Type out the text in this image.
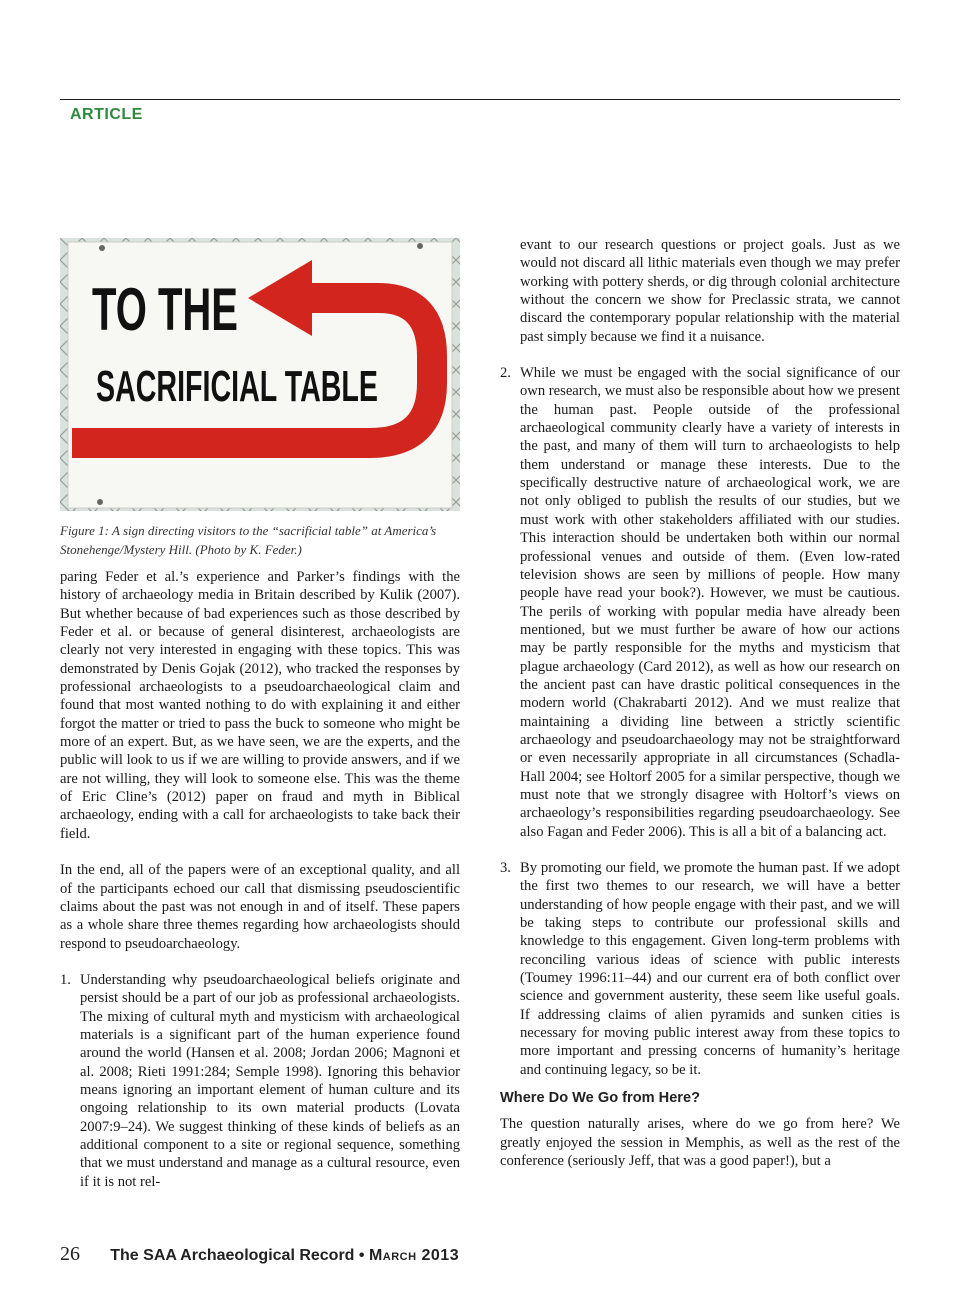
ARTICLE
TO THE
SACRIFICIAL TABLE
Figure 1: A sign directing visitors to the “sacrificial table” at America’s Stonehenge/Mystery Hill. (Photo by K. Feder.)

paring Feder et al.’s experience and Parker’s findings with the history of archaeology media in Britain described by Kulik (2007). But whether because of bad experiences such as those described by Feder et al. or because of general disinterest, archaeologists are clearly not very interested in engaging with these topics. This was demonstrated by Denis Gojak (2012), who tracked the responses by professional archaeologists to a pseudoarchaeological claim and found that most wanted nothing to do with explaining it and either forgot the matter or tried to pass the buck to someone who might be more of an expert. But, as we have seen, we are the experts, and the public will look to us if we are willing to provide answers, and if we are not willing, they will look to someone else. This was the theme of Eric Cline’s (2012) paper on fraud and myth in Biblical archaeology, ending with a call for archaeologists to take back their field.

In the end, all of the papers were of an exceptional quality, and all of the participants echoed our call that dismissing pseudoscientific claims about the past was not enough in and of itself. These papers as a whole share three themes regarding how archaeologists should respond to pseudoarchaeology.

1. Understanding why pseudoarchaeological beliefs originate and persist should be a part of our job as professional archaeologists. The mixing of cultural myth and mysticism with archaeological materials is a significant part of the human experience found around the world (Hansen et al. 2008; Jordan 2006; Magnoni et al. 2008; Rieti 1991:284; Semple 1998). Ignoring this behavior means ignoring an important element of human culture and its ongoing relationship to its own material products (Lovata 2007:9–24). We suggest thinking of these kinds of beliefs as an additional component to a site or regional sequence, something that we must understand and manage as a cultural resource, even if it is not rel-

evant to our research questions or project goals. Just as we would not discard all lithic materials even though we may prefer working with pottery sherds, or dig through colonial architecture without the concern we show for Preclassic strata, we cannot discard the contemporary popular relationship with the material past simply because we find it a nuisance.

2. While we must be engaged with the social significance of our own research, we must also be responsible about how we present the human past. People outside of the professional archaeological community clearly have a variety of interests in the past, and many of them will turn to archaeologists to help them understand or manage these interests. Due to the specifically destructive nature of archaeological work, we are not only obliged to publish the results of our studies, but we must work with other stakeholders affiliated with our studies. This interaction should be undertaken both within our normal professional venues and outside of them. (Even low-rated television shows are seen by millions of people. How many people have read your book?). However, we must be cautious. The perils of working with popular media have already been mentioned, but we must further be aware of how our actions may be partly responsible for the myths and mysticism that plague archaeology (Card 2012), as well as how our research on the ancient past can have drastic political consequences in the modern world (Chakrabarti 2012). And we must realize that maintaining a dividing line between a strictly scientific archaeology and pseudoarchaeology may not be straightforward or even necessarily appropriate in all circumstances (Schadla-Hall 2004; see Holtorf 2005 for a similar perspective, though we must note that we strongly disagree with Holtorf’s views on archaeology’s responsibilities regarding pseudoarchaeology. See also Fagan and Feder 2006). This is all a bit of a balancing act.
3. By promoting our field, we promote the human past. If we adopt the first two themes to our research, we will have a better understanding of how people engage with their past, and we will be taking steps to contribute our professional skills and knowledge to this engagement. Given long-term problems with reconciling various ideas of science with public interests (Toumey 1996:11–44) and our current era of both conflict over science and government austerity, these seem like useful goals. If addressing claims of alien pyramids and sunken cities is necessary for moving public interest away from these topics to more important and pressing concerns of humanity’s heritage and continuing legacy, so be it.
Where Do We Go from Here?

The question naturally arises, where do we go from here? We greatly enjoyed the session in Memphis, as well as the rest of the conference (seriously Jeff, that was a good paper!), but a

26 The SAA Archaeological Record • March 2013
